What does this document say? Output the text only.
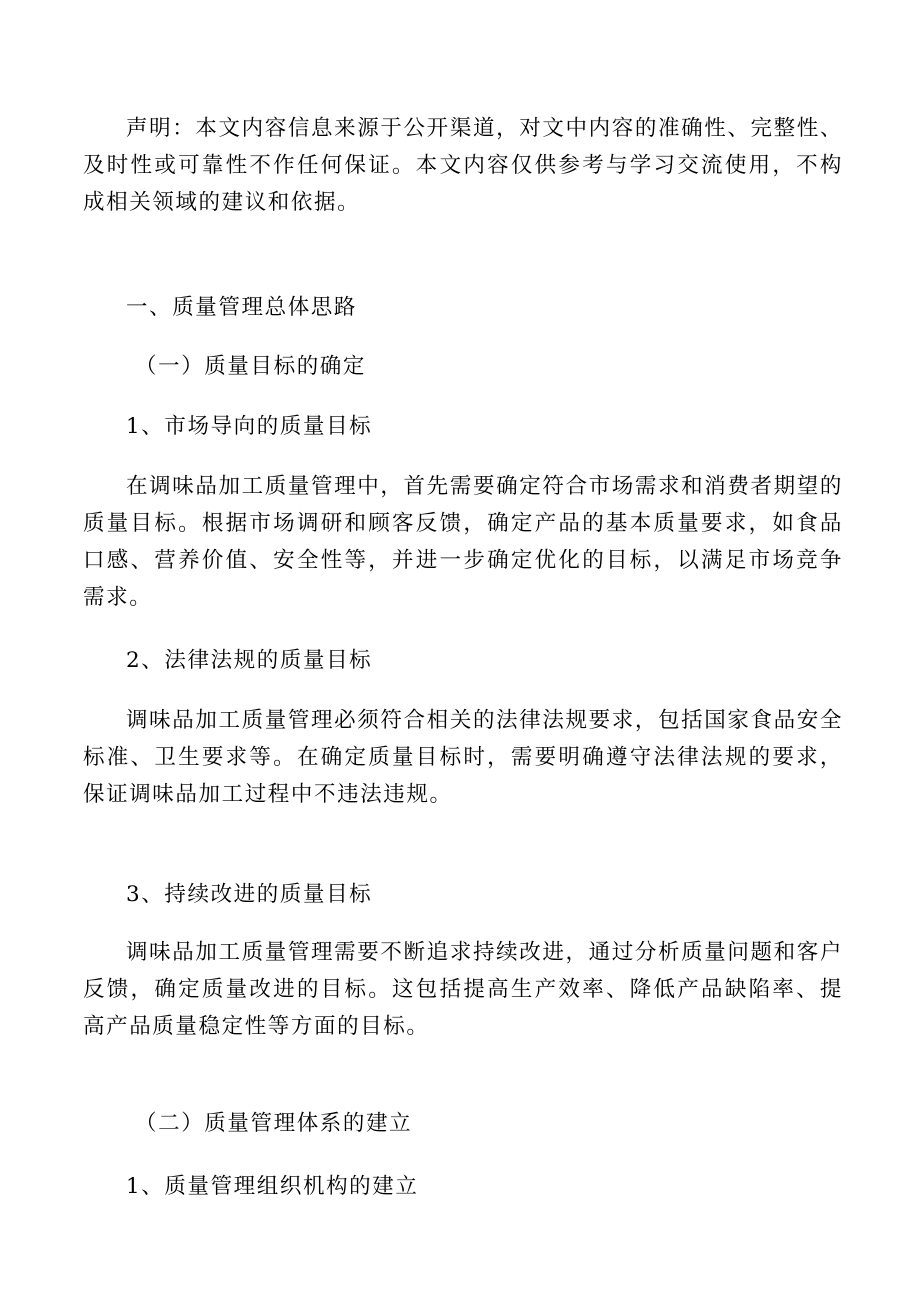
声明：本文内容信息来源于公开渠道，对文中内容的准确性、完整性、及时性或可靠性不作任何保证。本文内容仅供参考与学习交流使用，不构成相关领域的建议和依据。

一、质量管理总体思路

（一）质量目标的确定

1、市场导向的质量目标

在调味品加工质量管理中，首先需要确定符合市场需求和消费者期望的质量目标。根据市场调研和顾客反馈，确定产品的基本质量要求，如食品口感、营养价值、安全性等，并进一步确定优化的目标，以满足市场竞争需求。

2、法律法规的质量目标

调味品加工质量管理必须符合相关的法律法规要求，包括国家食品安全标准、卫生要求等。在确定质量目标时，需要明确遵守法律法规的要求，保证调味品加工过程中不违法违规。

3、持续改进的质量目标

调味品加工质量管理需要不断追求持续改进，通过分析质量问题和客户反馈，确定质量改进的目标。这包括提高生产效率、降低产品缺陷率、提高产品质量稳定性等方面的目标。

（二）质量管理体系的建立

1、质量管理组织机构的建立
